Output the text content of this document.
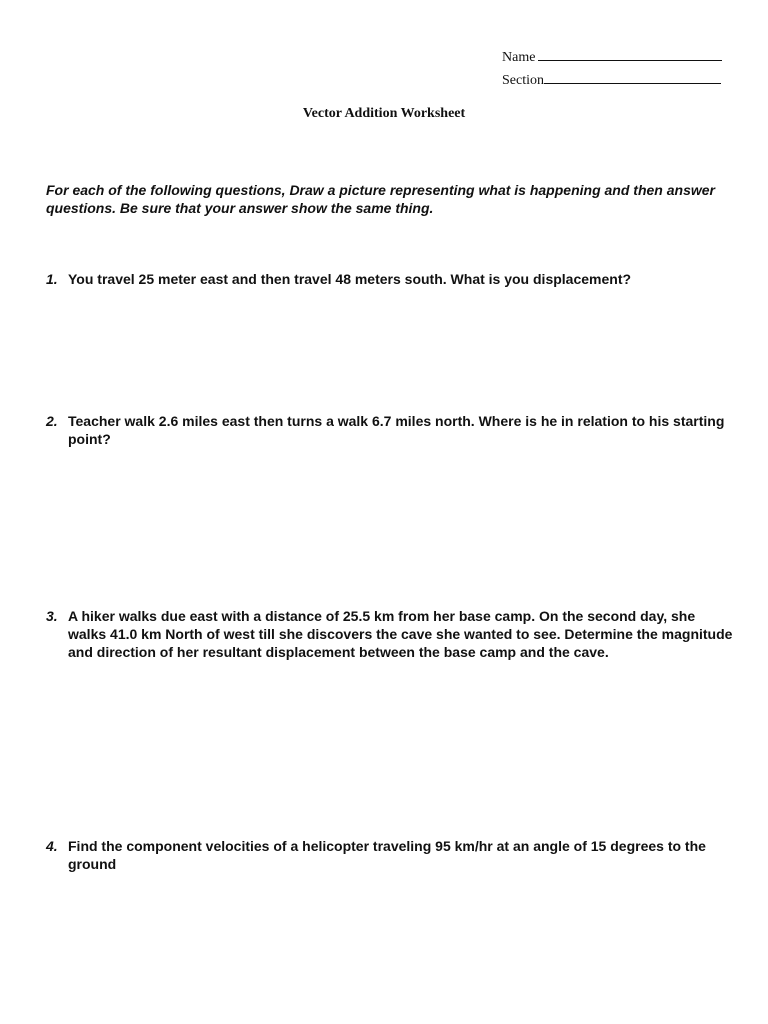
Name
Section
Vector Addition Worksheet
For each of the following questions, Draw a picture representing what is happening and then answer questions. Be sure that your answer show the same thing.
1. You travel 25 meter east and then travel 48 meters south. What is you displacement?
2. Teacher walk 2.6 miles east then turns a walk 6.7 miles north. Where is he in relation to his starting point?
3. A hiker walks due east with a distance of 25.5 km from her base camp. On the second day, she walks 41.0 km North of west till she discovers the cave she wanted to see. Determine the magnitude and direction of her resultant displacement between the base camp and the cave.
4. Find the component velocities of a helicopter traveling 95 km/hr at an angle of 15 degrees to the ground
